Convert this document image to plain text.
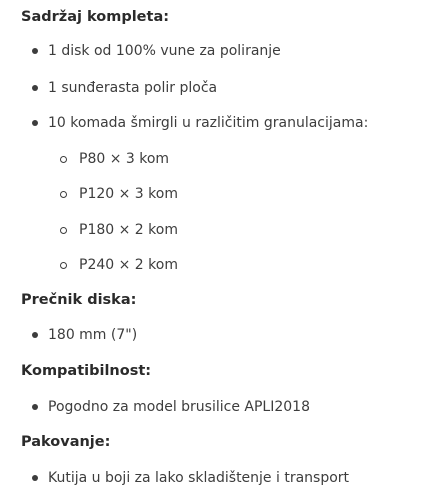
Sadržaj kompleta:
1 disk od 100% vune za poliranje
1 sunđerasta polir ploča
10 komada šmirgli u različitim granulacijama:
P80 × 3 kom
P120 × 3 kom
P180 × 2 kom
P240 × 2 kom
Prečnik diska:
180 mm (7")
Kompatibilnost:
Pogodno za model brusilice APLI2018
Pakovanje:
Kutija u boji za lako skladištenje i transport
